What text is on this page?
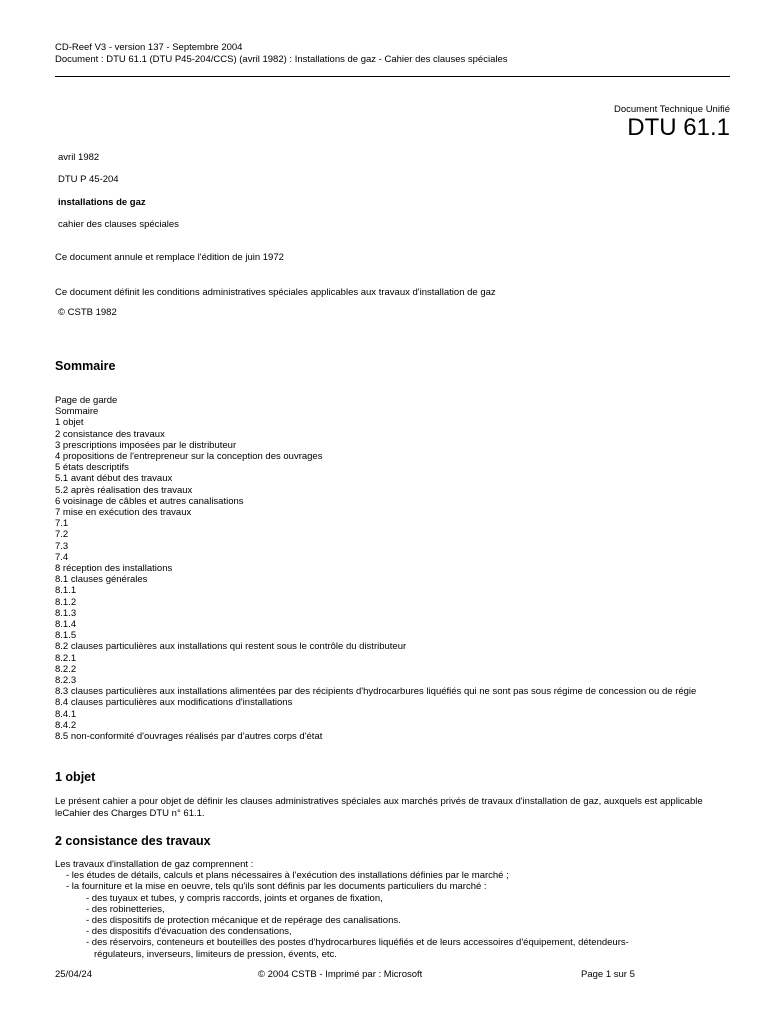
CD-Reef V3 - version 137 - Septembre 2004
Document : DTU 61.1 (DTU P45-204/CCS) (avril 1982) : Installations de gaz - Cahier des clauses spéciales
Document Technique Unifié
DTU 61.1
avril 1982
DTU P 45-204
installations de gaz
cahier des clauses spéciales
Ce document annule et remplace l'édition de juin 1972
Ce document définit les conditions administratives spéciales applicables aux travaux d'installation de gaz
© CSTB 1982
Sommaire
Page de garde
Sommaire
1 objet
2 consistance des travaux
3 prescriptions imposées par le distributeur
4 propositions de l'entrepreneur sur la conception des ouvrages
5 états descriptifs
5.1 avant début des travaux
5.2 après réalisation des travaux
6 voisinage de câbles et autres canalisations
7 mise en exécution des travaux
7.1
7.2
7.3
7.4
8 réception des installations
8.1 clauses générales
8.1.1
8.1.2
8.1.3
8.1.4
8.1.5
8.2 clauses particulières aux installations qui restent sous le contrôle du distributeur
8.2.1
8.2.2
8.2.3
8.3 clauses particulières aux installations alimentées par des récipients d'hydrocarbures liquéfiés qui ne sont pas sous régime de concession ou de régie
8.4 clauses particulières aux modifications d'installations
8.4.1
8.4.2
8.5 non-conformité d'ouvrages réalisés par d'autres corps d'état
1 objet
Le présent cahier a pour objet de définir les clauses administratives spéciales aux marchés privés de travaux d'installation de gaz, auxquels est applicable leCahier des Charges DTU n° 61.1.
2 consistance des travaux
Les travaux d'installation de gaz comprennent :
- les études de détails, calculs et plans nécessaires à l'exécution des installations définies par le marché ;
- la fourniture et la mise en oeuvre, tels qu'ils sont définis par les documents particuliers du marché :
- des tuyaux et tubes, y compris raccords, joints et organes de fixation,
- des robinetteries,
- des dispositifs de protection mécanique et de repérage des canalisations.
- des dispositifs d'évacuation des condensations,
- des réservoirs, conteneurs et bouteilles des postes d'hydrocarbures liquéfiés et de leurs accessoires d'équipement, détendeurs-
régulateurs, inverseurs, limiteurs de pression, évents, etc.
25/04/24	© 2004 CSTB - Imprimé par : Microsoft	Page 1 sur 5
